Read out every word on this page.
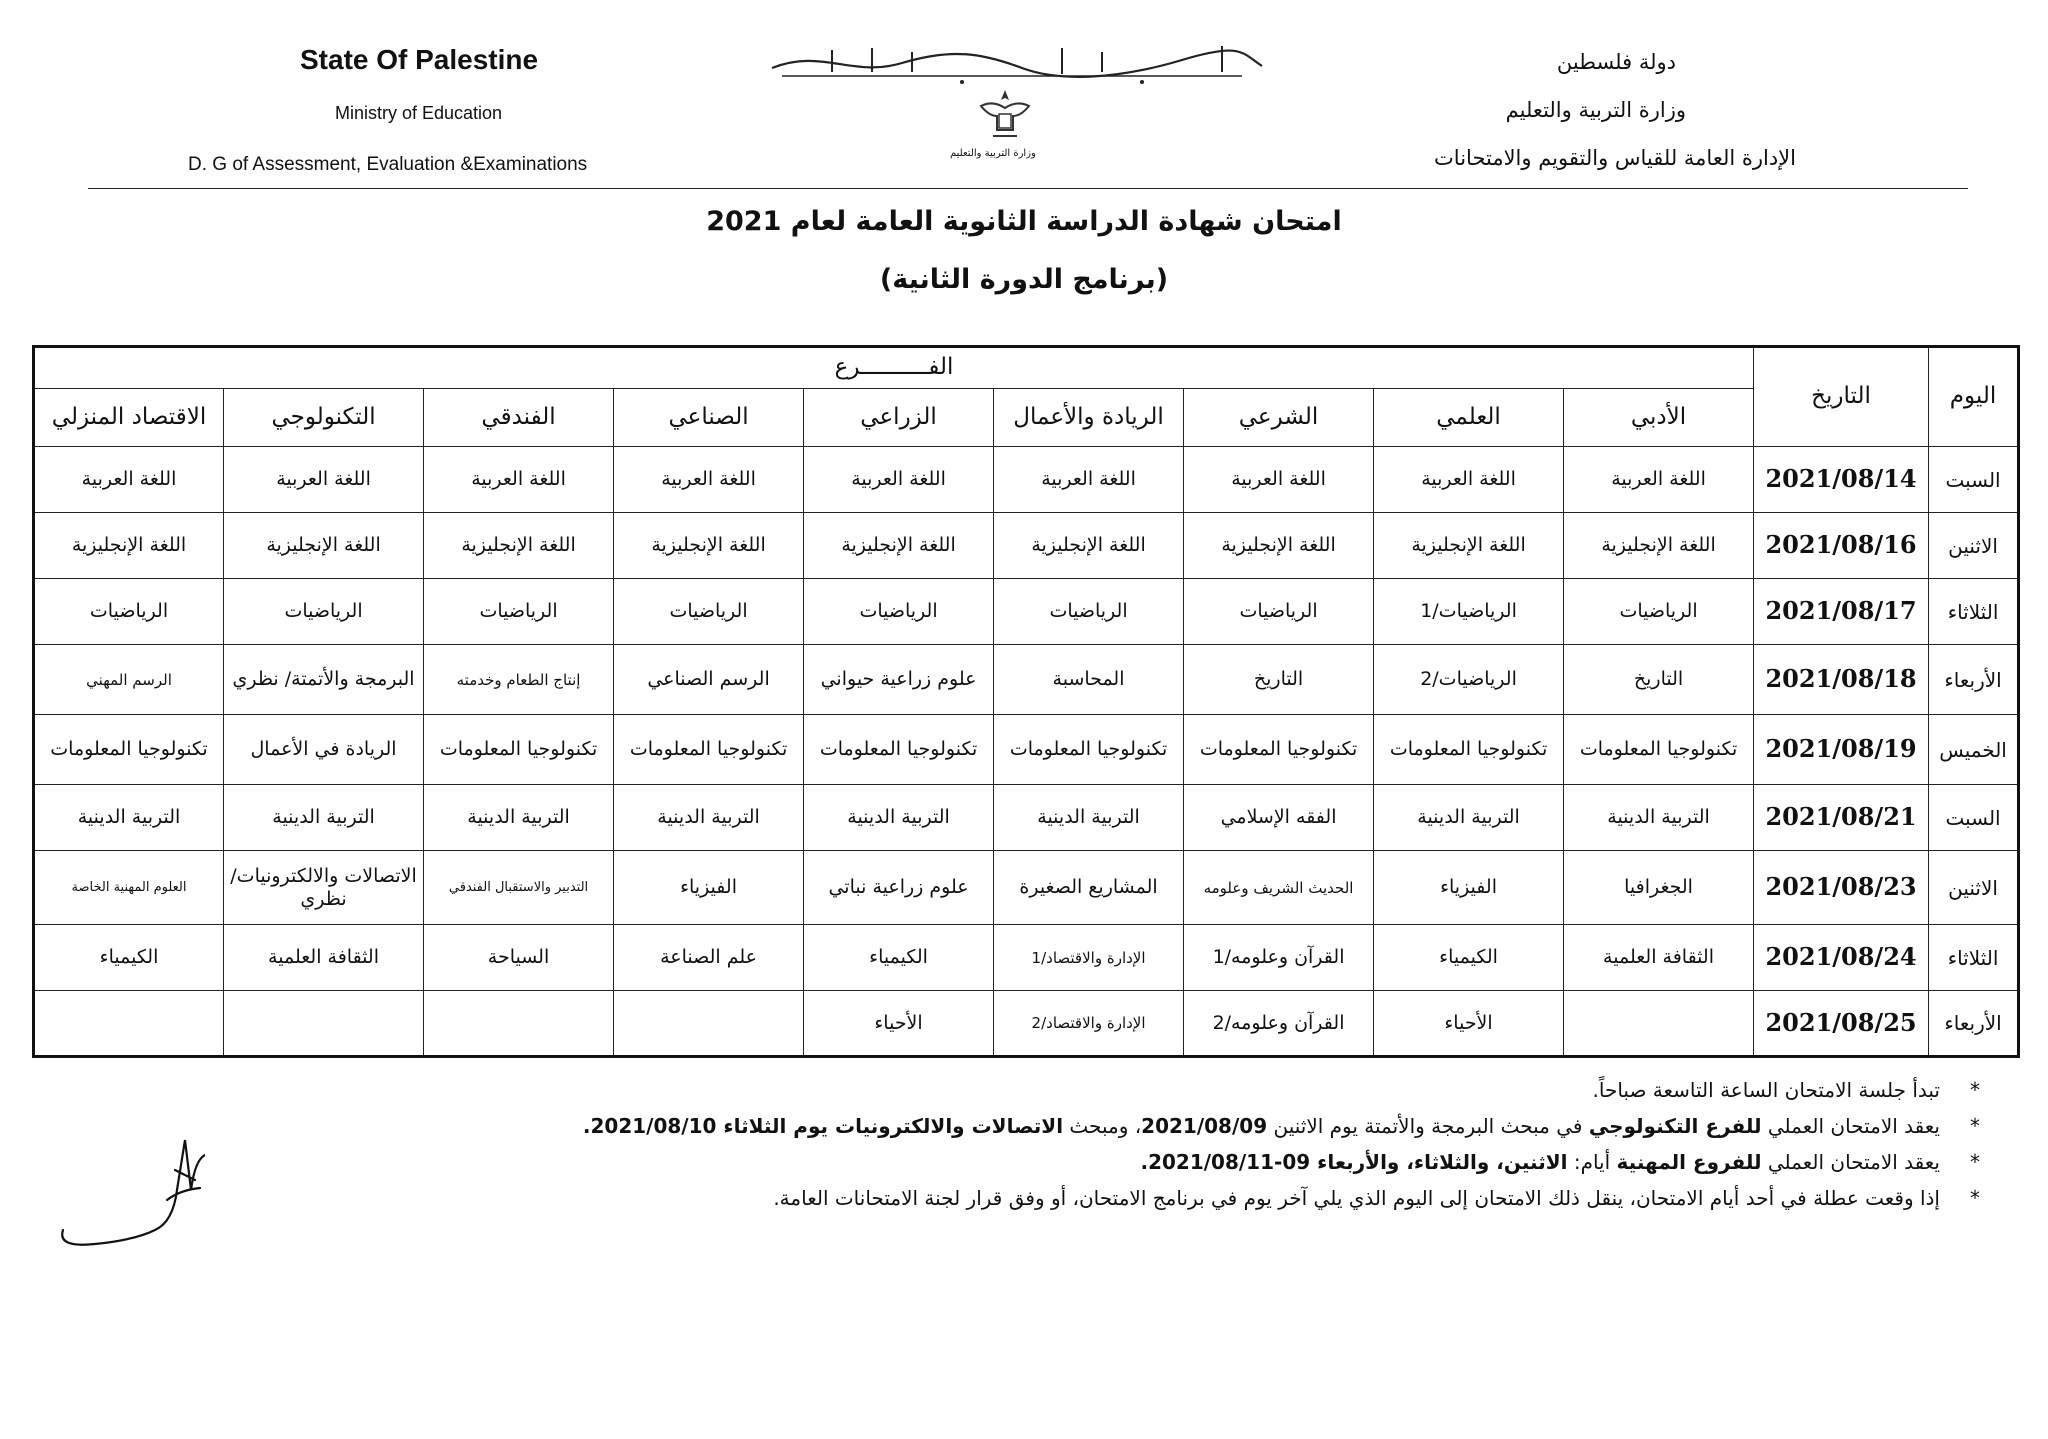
State Of Palestine
Ministry of Education
D. G of Assessment, Evaluation &Examinations
دولة فلسطين
وزارة التربية والتعليم
الإدارة العامة للقياس والتقويم والامتحانات
وزارة التربية والتعليم
امتحان شهادة الدراسة الثانوية العامة لعام 2021
(برنامج الدورة الثانية)
اليوم	التاريخ	الفــــــــــرع								
		الأدبي	العلمي	الشرعي	الريادة والأعمال	الزراعي	الصناعي	الفندقي	التكنولوجي	الاقتصاد المنزلي
السبت	2021/08/14	اللغة العربية	اللغة العربية	اللغة العربية	اللغة العربية	اللغة العربية	اللغة العربية	اللغة العربية	اللغة العربية	اللغة العربية
الاثنين	2021/08/16	اللغة الإنجليزية	اللغة الإنجليزية	اللغة الإنجليزية	اللغة الإنجليزية	اللغة الإنجليزية	اللغة الإنجليزية	اللغة الإنجليزية	اللغة الإنجليزية	اللغة الإنجليزية
الثلاثاء	2021/08/17	الرياضيات	الرياضيات/1	الرياضيات	الرياضيات	الرياضيات	الرياضيات	الرياضيات	الرياضيات	الرياضيات
الأربعاء	2021/08/18	التاريخ	الرياضيات/2	التاريخ	المحاسبة	علوم زراعية حيواني	الرسم الصناعي	إنتاج الطعام وخدمته	البرمجة والأتمتة/ نظري	الرسم المهني
الخميس	2021/08/19	تكنولوجيا المعلومات	تكنولوجيا المعلومات	تكنولوجيا المعلومات	تكنولوجيا المعلومات	تكنولوجيا المعلومات	تكنولوجيا المعلومات	تكنولوجيا المعلومات	الريادة في الأعمال	تكنولوجيا المعلومات
السبت	2021/08/21	التربية الدينية	التربية الدينية	الفقه الإسلامي	التربية الدينية	التربية الدينية	التربية الدينية	التربية الدينية	التربية الدينية	التربية الدينية
الاثنين	2021/08/23	الجغرافيا	الفيزياء	الحديث الشريف وعلومه	المشاريع الصغيرة	علوم زراعية نباتي	الفيزياء	التدبير والاستقبال الفندقي	الاتصالات والالكترونيات/ نظري	العلوم المهنية الخاصة
الثلاثاء	2021/08/24	الثقافة العلمية	الكيمياء	القرآن وعلومه/1	الإدارة والاقتصاد/1	الكيمياء	علم الصناعة	السياحة	الثقافة العلمية	الكيمياء
الأربعاء	2021/08/25		الأحياء	القرآن وعلومه/2	الإدارة والاقتصاد/2	الأحياء				
*
تبدأ جلسة الامتحان الساعة التاسعة صباحاً.
*
يعقد الامتحان العملي للفرع التكنولوجي في مبحث البرمجة والأتمتة يوم الاثنين 2021/08/09، ومبحث الاتصالات والالكترونيات يوم الثلاثاء 2021/08/10.
*
يعقد الامتحان العملي للفروع المهنية أيام: الاثنين، والثلاثاء، والأربعاء 09-2021/08/11.
*
إذا وقعت عطلة في أحد أيام الامتحان، ينقل ذلك الامتحان إلى اليوم الذي يلي آخر يوم في برنامج الامتحان، أو وفق قرار لجنة الامتحانات العامة.
